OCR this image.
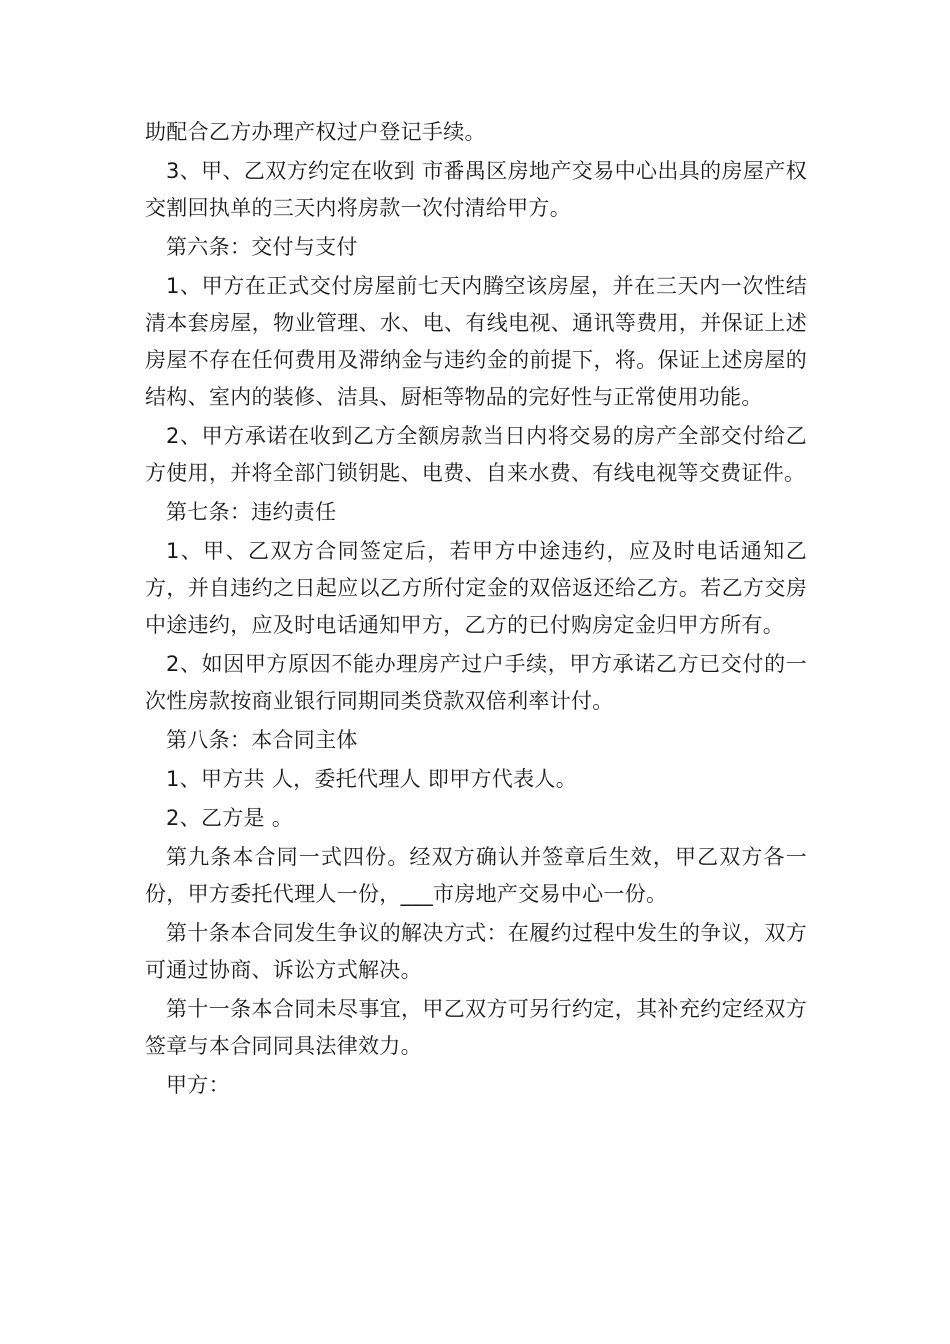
助配合乙方办理产权过户登记手续。

3、甲、乙双方约定在收到 市番禺区房地产交易中心出具的房屋产权交割回执单的三天内将房款一次付清给甲方。

第六条：交付与支付

1、甲方在正式交付房屋前七天内腾空该房屋，并在三天内一次性结清本套房屋，物业管理、水、电、有线电视、通讯等费用，并保证上述房屋不存在任何费用及滞纳金与违约金的前提下，将。保证上述房屋的结构、室内的装修、洁具、厨柜等物品的完好性与正常使用功能。

2、甲方承诺在收到乙方全额房款当日内将交易的房产全部交付给乙方使用，并将全部门锁钥匙、电费、自来水费、有线电视等交费证件。

第七条：违约责任

1、甲、乙双方合同签定后，若甲方中途违约，应及时电话通知乙方，并自违约之日起应以乙方所付定金的双倍返还给乙方。若乙方交房中途违约，应及时电话通知甲方，乙方的已付购房定金归甲方所有。

2、如因甲方原因不能办理房产过户手续，甲方承诺乙方已交付的一次性房款按商业银行同期同类贷款双倍利率计付。

第八条：本合同主体

1、甲方共 人，委托代理人 即甲方代表人。

2、乙方是 。

第九条本合同一式四份。经双方确认并签章后生效，甲乙双方各一份，甲方委托代理人一份，___市房地产交易中心一份。

第十条本合同发生争议的解决方式：在履约过程中发生的争议，双方可通过协商、诉讼方式解决。

第十一条本合同未尽事宜，甲乙双方可另行约定，其补充约定经双方签章与本合同同具法律效力。

甲方：
